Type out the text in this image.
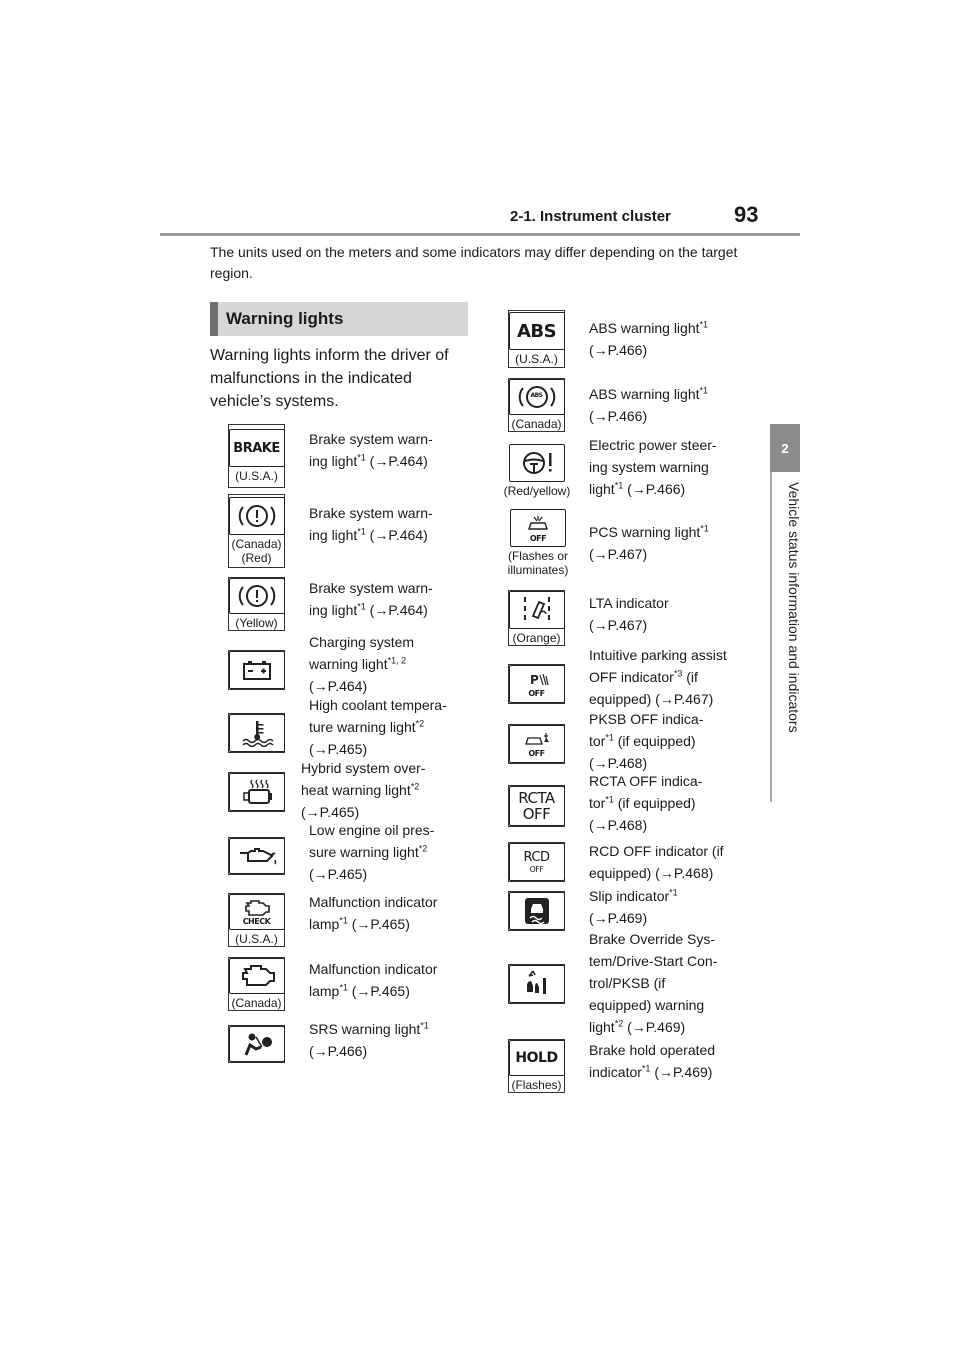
2-1. Instrument cluster	93
2
Vehicle status information and indicators
The units used on the meters and some indicators may differ depending on the target region.
Warning lights
Warning lights inform the driver of malfunctions in the indicated vehicle’s systems.
BRAKE
(U.S.A.)
Brake system warn-
ing light$^{*1}$ (→P.464)
(Canada)
(Red)
Brake system warn-
ing light$^{*1}$ (→P.464)
(Yellow)
Brake system warn-
ing light$^{*1}$ (→P.464)
Charging system
warning light$^{*1, 2}$
(→P.464)
High coolant tempera-
ture warning light$^{*2}$
(→P.465)
Hybrid system over-
heat warning light$^{*2}$
(→P.465)
Low engine oil pres-
sure warning light$^{*2}$
(→P.465)
CHECK
(U.S.A.)
Malfunction indicator
lamp$^{*1}$ (→P.465)
(Canada)
Malfunction indicator
lamp$^{*1}$ (→P.465)
SRS warning light$^{*1}$
(→P.466)
ABS
(U.S.A.)
ABS warning light$^{*1}$
(→P.466)
ABS
(Canada)
ABS warning light$^{*1}$
(→P.466)
(Red/yellow)
Electric power steer-
ing system warning
light$^{*1}$ (→P.466)
OFF
(Flashes or
illuminates)
PCS warning light$^{*1}$
(→P.467)
(Orange)
LTA indicator
(→P.467)
P
OFF
Intuitive parking assist
OFF indicator$^{*3}$ (if
equipped) (→P.467)
OFF
PKSB OFF indica-
tor$^{*1}$ (if equipped)
(→P.468)
RCTA
OFF
RCTA OFF indica-
tor$^{*1}$ (if equipped)
(→P.468)
RCD
OFF
RCD OFF indicator (if
equipped) (→P.468)
Slip indicator$^{*1}$
(→P.469)
Brake Override Sys-
tem/Drive-Start Con-
trol/PKSB (if
equipped) warning
light$^{*2}$ (→P.469)
HOLD
(Flashes)
Brake hold operated
indicator$^{*1}$ (→P.469)
